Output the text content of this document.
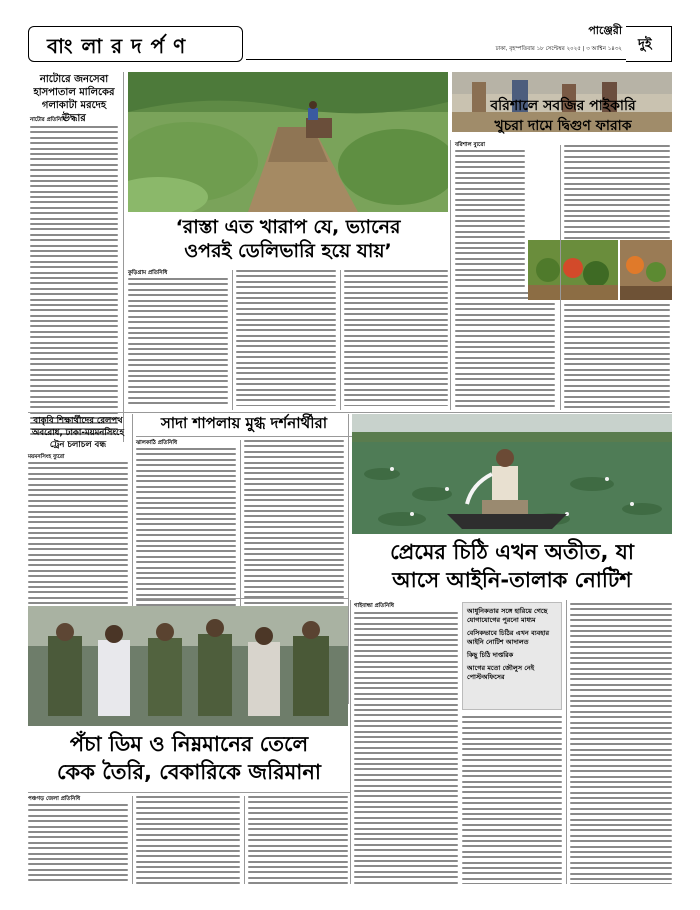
বাং লা র দ র্প ণ
পাঞ্জেরী
ঢাকা, বৃহস্পতিবার ১৮ সেপ্টেম্বর ২০২৫ | ৩ আশ্বিন ১৪৩২ দুই
নাটোরে জনসেবা হাসপাতাল মালিকের গলাকাটা মরদেহ উদ্ধার
নাটোর প্রতিনিধি
বরিশালে সবজির পাইকারি
খুচরা দামে দ্বিগুণ ফারাক
‘রাস্তা এত খারাপ যে, ভ্যানের
ওপরই ডেলিভারি হয়ে যায়’
কুড়িগ্রাম প্রতিনিধি
বরিশাল ব্যুরো
বাকৃবি শিক্ষার্থীদের রেলপথ
অবরোধ, ঢাকা-ময়মনসিংহে
ট্রেন চলাচল বন্ধ
ময়মনসিংহ ব্যুরো
সাদা শাপলায় মুগ্ধ দর্শনার্থীরা
ঝালকাঠি প্রতিনিধি
প্রেমের চিঠি এখন অতীত, যা
আসে আইনি-তালাক নোটিশ
পঁচা ডিম ও নিম্নমানের তেলে
কেক তৈরি, বেকারিকে জরিমানা
পঞ্চগড় জেলা প্রতিনিধি
গাইবান্ধা প্রতিনিধি
আধুনিকতার সঙ্গে হারিয়ে গেছে যোগাযোগের পুরনো মাধ্যম
বেসিকভাবে চিঠির এখন ব্যবহার আইনি নোটিশ আদালত
কিছু চিঠি দাপ্তরিক
আগের মতো জৌলুস নেই পোস্টঅফিসের
